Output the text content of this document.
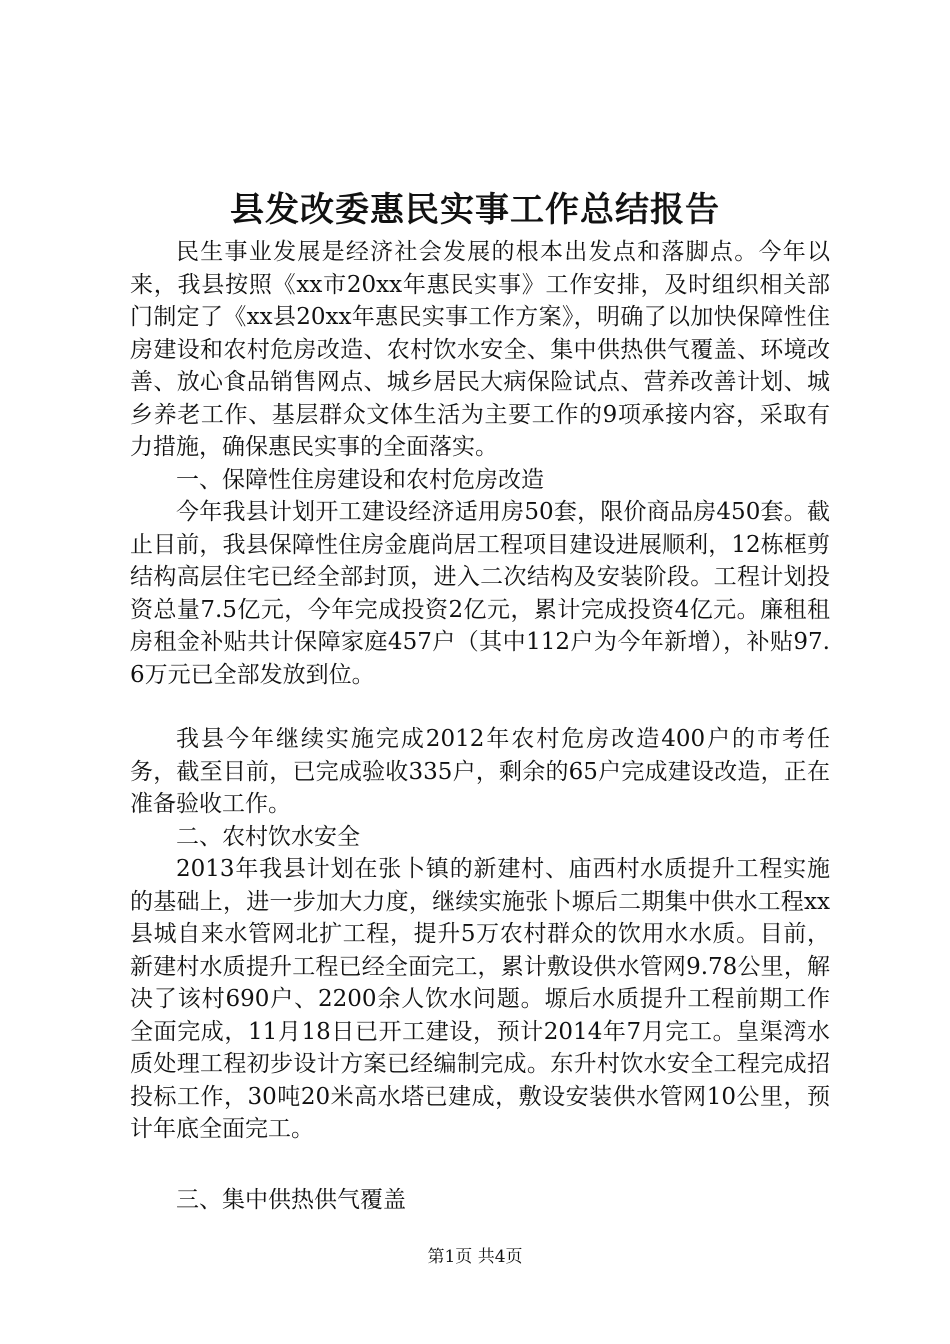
县发改委惠民实事工作总结报告

民生事业发展是经济社会发展的根本出发点和落脚点。今年以来，我县按照《xx市20xx年惠民实事》工作安排，及时组织相关部门制定了《xx县20xx年惠民实事工作方案》，明确了以加快保障性住房建设和农村危房改造、农村饮水安全、集中供热供气覆盖、环境改善、放心食品销售网点、城乡居民大病保险试点、营养改善计划、城乡养老工作、基层群众文体生活为主要工作的9项承接内容，采取有力措施，确保惠民实事的全面落实。

一、保障性住房建设和农村危房改造

今年我县计划开工建设经济适用房50套，限价商品房450套。截止目前，我县保障性住房金鹿尚居工程项目建设进展顺利，12栋框剪结构高层住宅已经全部封顶，进入二次结构及安装阶段。工程计划投资总量7.5亿元，今年完成投资2亿元，累计完成投资4亿元。廉租租房租金补贴共计保障家庭457户（其中112户为今年新增），补贴97.6万元已全部发放到位。

我县今年继续实施完成2012年农村危房改造400户的市考任务，截至目前，已完成验收335户，剩余的65户完成建设改造，正在准备验收工作。

二、农村饮水安全

2013年我县计划在张卜镇的新建村、庙西村水质提升工程实施的基础上，进一步加大力度，继续实施张卜塬后二期集中供水工程xx县城自来水管网北扩工程，提升5万农村群众的饮用水水质。目前，新建村水质提升工程已经全面完工，累计敷设供水管网9.78公里，解决了该村690户、2200余人饮水问题。塬后水质提升工程前期工作全面完成，11月18日已开工建设，预计2014年7月完工。皇渠湾水质处理工程初步设计方案已经编制完成。东升村饮水安全工程完成招投标工作，30吨20米高水塔已建成，敷设安装供水管网10公里，预计年底全面完工。

三、集中供热供气覆盖

第1页 共4页
